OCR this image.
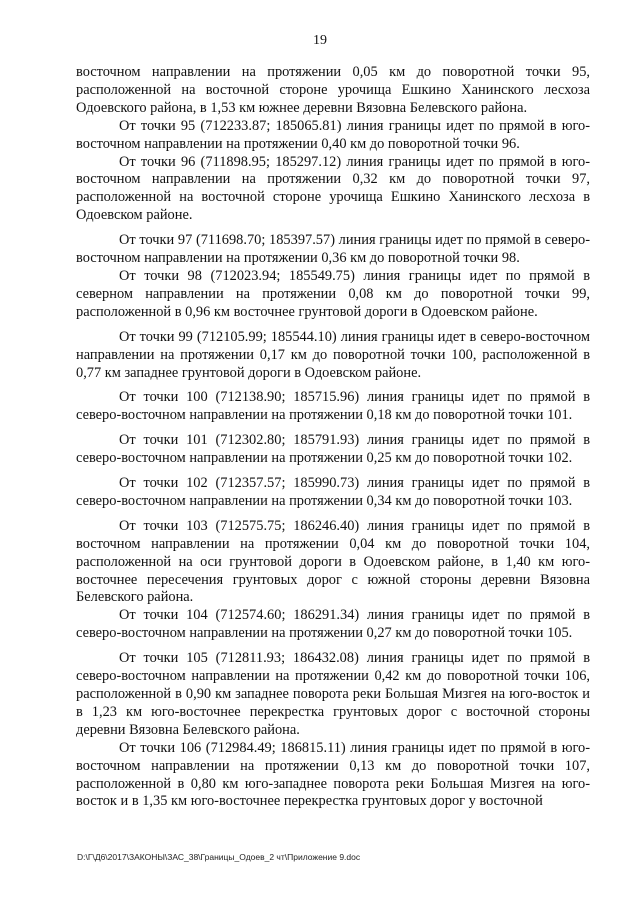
19

восточном направлении на протяжении 0,05 км до поворотной точки 95, расположенной на восточной стороне урочища Ешкино Ханинского лесхоза Одоевского района, в 1,53 км южнее деревни Вязовна Белевского района.

От точки 95 (712233.87; 185065.81) линия границы идет по прямой в юго-восточном направлении на протяжении 0,40 км до поворотной точки 96.

От точки 96 (711898.95; 185297.12) линия границы идет по прямой в юго-восточном направлении на протяжении 0,32 км до поворотной точки 97, расположенной на восточной стороне урочища Ешкино Ханинского лесхоза в Одоевском районе.

От точки 97 (711698.70; 185397.57) линия границы идет по прямой в северо-восточном направлении на протяжении 0,36 км до поворотной точки 98.

От точки 98 (712023.94; 185549.75) линия границы идет по прямой в северном направлении на протяжении 0,08 км до поворотной точки 99, расположенной в 0,96 км восточнее грунтовой дороги в Одоевском районе.

От точки 99 (712105.99; 185544.10) линия границы идет в северо-восточном направлении на протяжении 0,17 км до поворотной точки 100, расположенной в 0,77 км западнее грунтовой дороги в Одоевском районе.

От точки 100 (712138.90; 185715.96) линия границы идет по прямой в северо-восточном направлении на протяжении 0,18 км до поворотной точки 101.

От точки 101 (712302.80; 185791.93) линия границы идет по прямой в северо-восточном направлении на протяжении 0,25 км до поворотной точки 102.

От точки 102 (712357.57; 185990.73) линия границы идет по прямой в северо-восточном направлении на протяжении 0,34 км до поворотной точки 103.

От точки 103 (712575.75; 186246.40) линия границы идет по прямой в восточном направлении на протяжении 0,04 км до поворотной точки 104, расположенной на оси грунтовой дороги в Одоевском районе, в 1,40 км юго-восточнее пересечения грунтовых дорог с южной стороны деревни Вязовна Белевского района.

От точки 104 (712574.60; 186291.34) линия границы идет по прямой в северо-восточном направлении на протяжении 0,27 км до поворотной точки 105.

От точки 105 (712811.93; 186432.08) линия границы идет по прямой в северо-восточном направлении на протяжении 0,42 км до поворотной точки 106, расположенной в 0,90 км западнее поворота реки Большая Мизгея на юго-восток и в 1,23 км юго-восточнее перекрестка грунтовых дорог с восточной стороны деревни Вязовна Белевского района.

От точки 106 (712984.49; 186815.11) линия границы идет по прямой в юго-восточном направлении на протяжении 0,13 км до поворотной точки 107, расположенной в 0,80 км юго-западнее поворота реки Большая Мизгея на юго-восток и в 1,35 км юго-восточнее перекрестка грунтовых дорог у восточной

D:\Г\Д6\2017\ЗАКОНЫ\ЗАС_38\Границы_Одоев_2 чт\Приложение 9.doc
